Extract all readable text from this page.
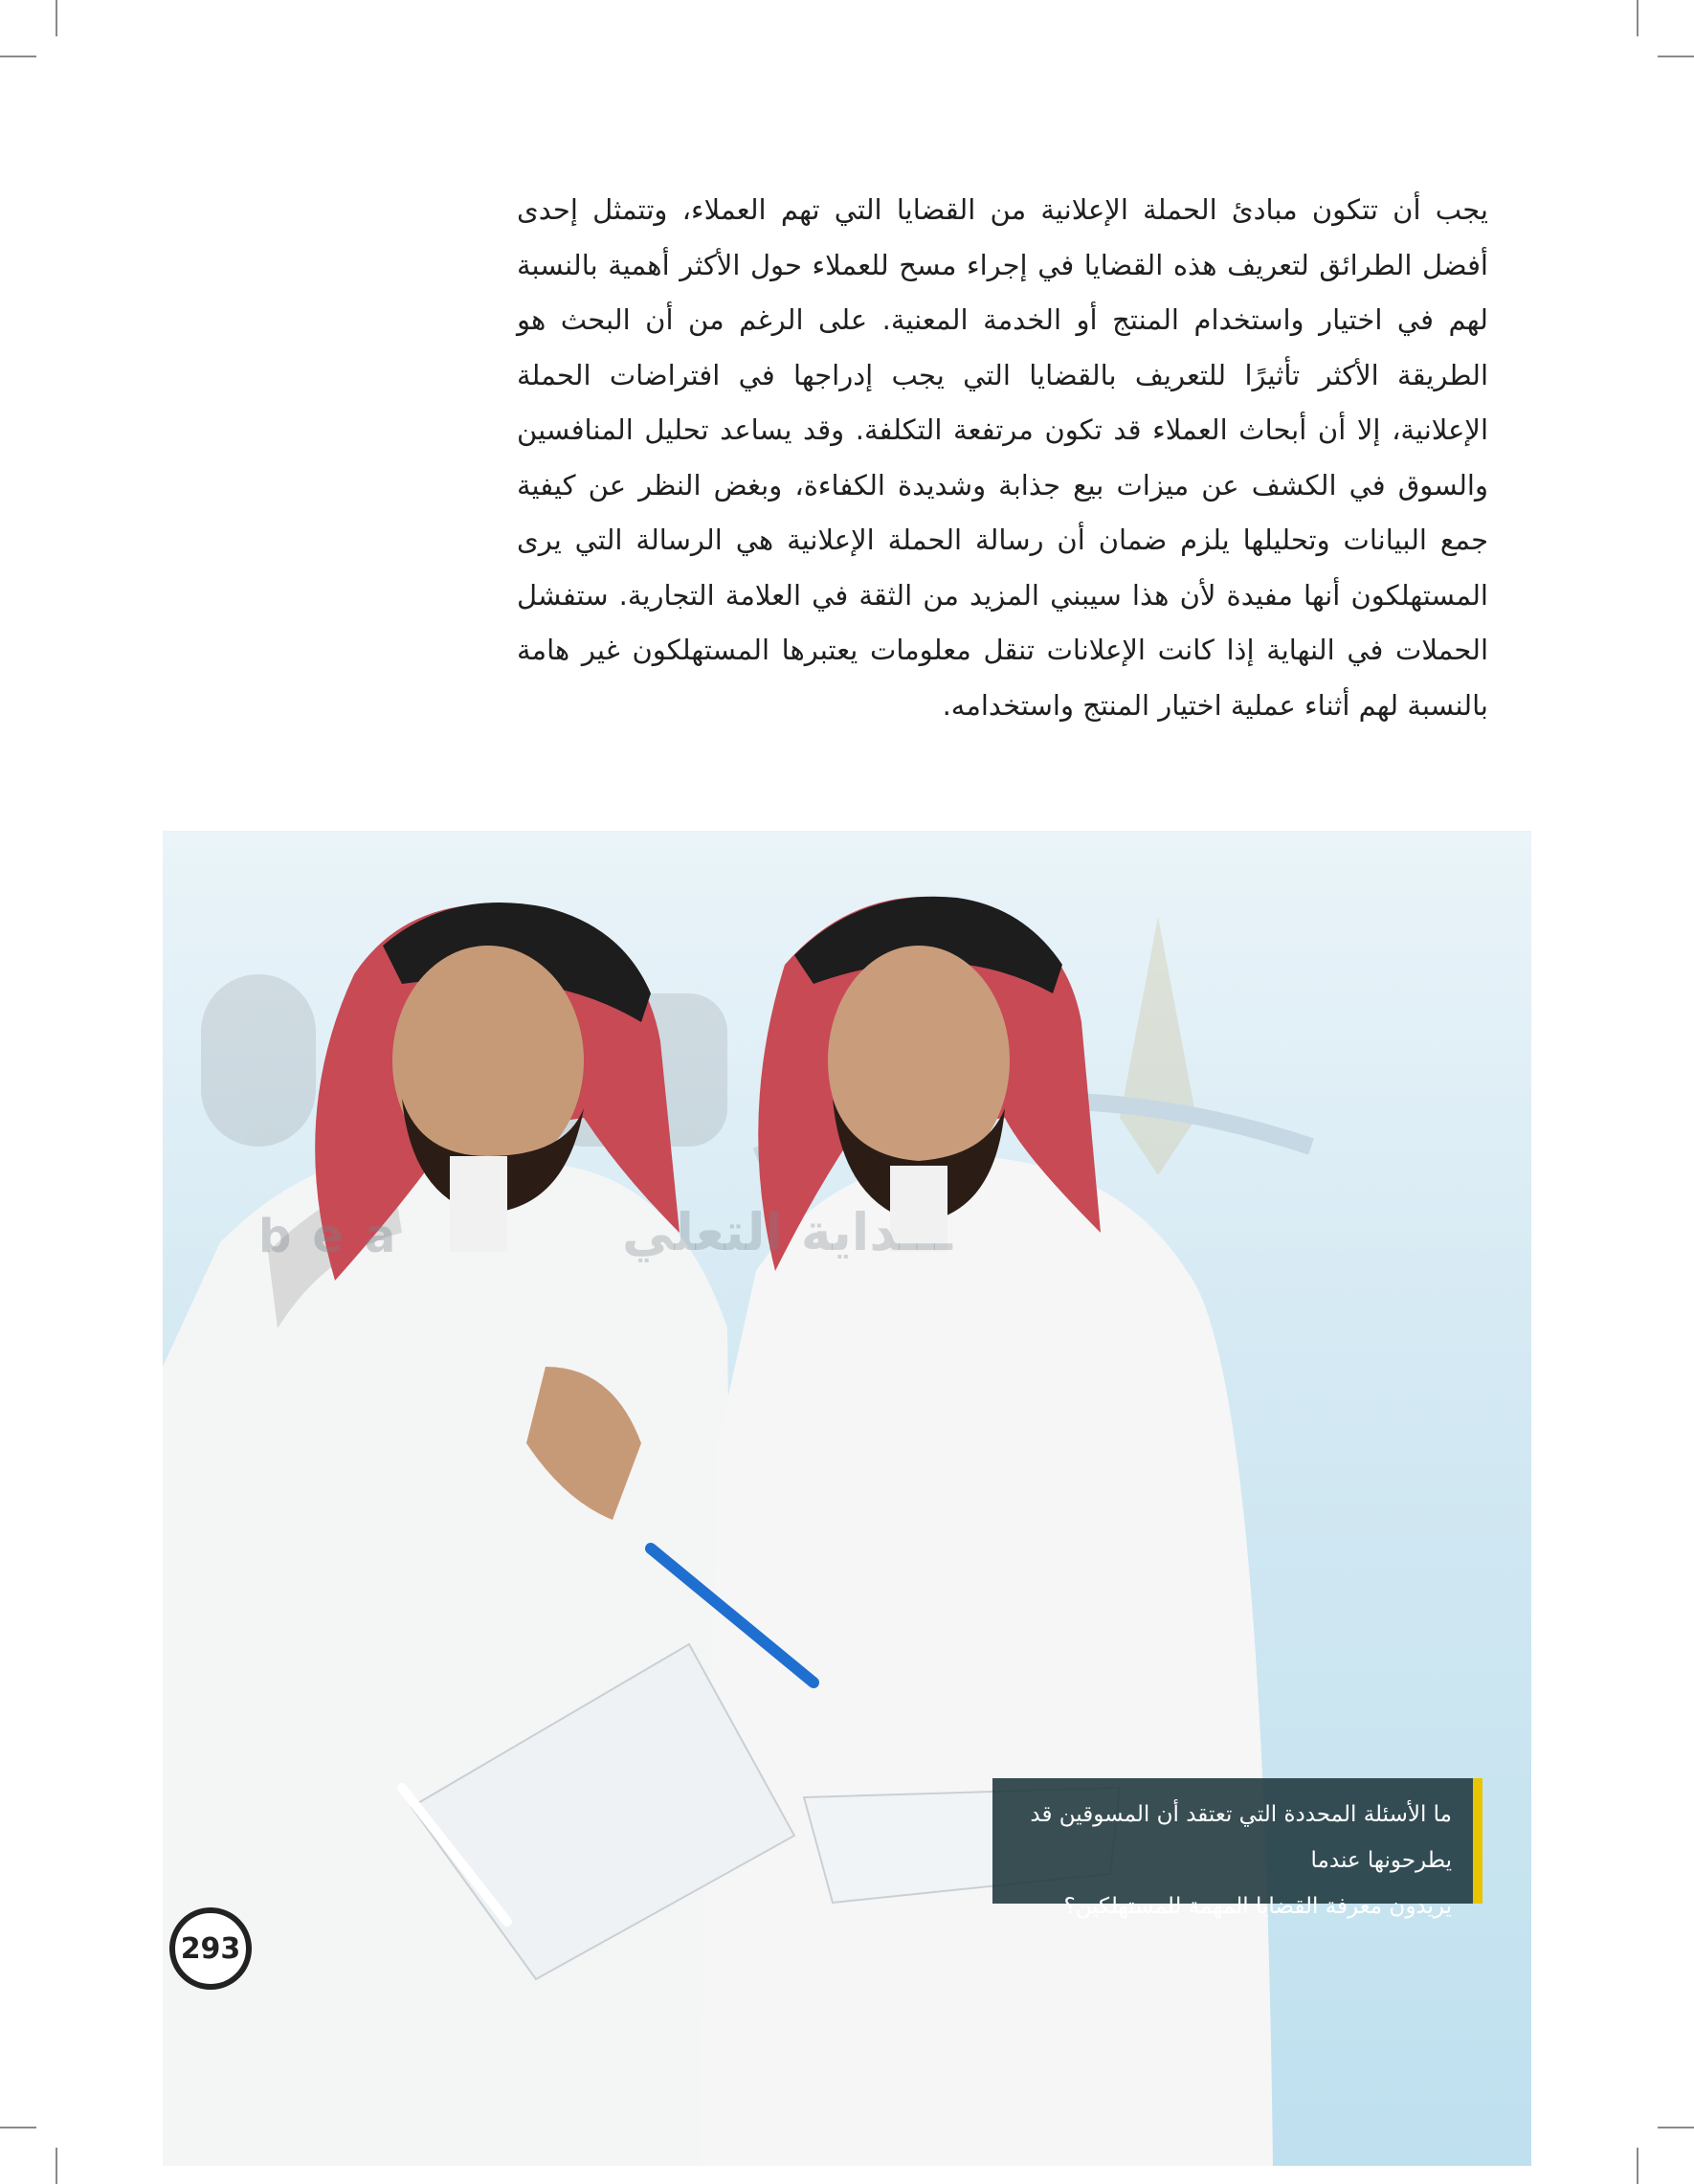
يجب أن تتكون مبادئ الحملة الإعلانية من القضايا التي تهم العملاء، وتتمثل إحدى أفضل الطرائق لتعريف هذه القضايا في إجراء مسح للعملاء حول الأكثر أهمية بالنسبة لهم في اختيار واستخدام المنتج أو الخدمة المعنية. على الرغم من أن البحث هو الطريقة الأكثر تأثيرًا للتعريف بالقضايا التي يجب إدراجها في افتراضات الحملة الإعلانية، إلا أن أبحاث العملاء قد تكون مرتفعة التكلفة. وقد يساعد تحليل المنافسين والسوق في الكشف عن ميزات بيع جذابة وشديدة الكفاءة، وبغض النظر عن كيفية جمع البيانات وتحليلها يلزم ضمان أن رسالة الحملة الإعلانية هي الرسالة التي يرى المستهلكون أنها مفيدة لأن هذا سيبني المزيد من الثقة في العلامة التجارية. ستفشل الحملات في النهاية إذا كانت الإعلانات تنقل معلومات يعتبرها المستهلكون غير هامة بالنسبة لهم أثناء عملية اختيار المنتج واستخدامه.

bea	ـــداية التعلي
ما الأسئلة المحددة التي تعتقد أن المسوقين قد يطرحونها عندما
يريدون معرفة القضايا المهمة للمستهلكين؟
293
